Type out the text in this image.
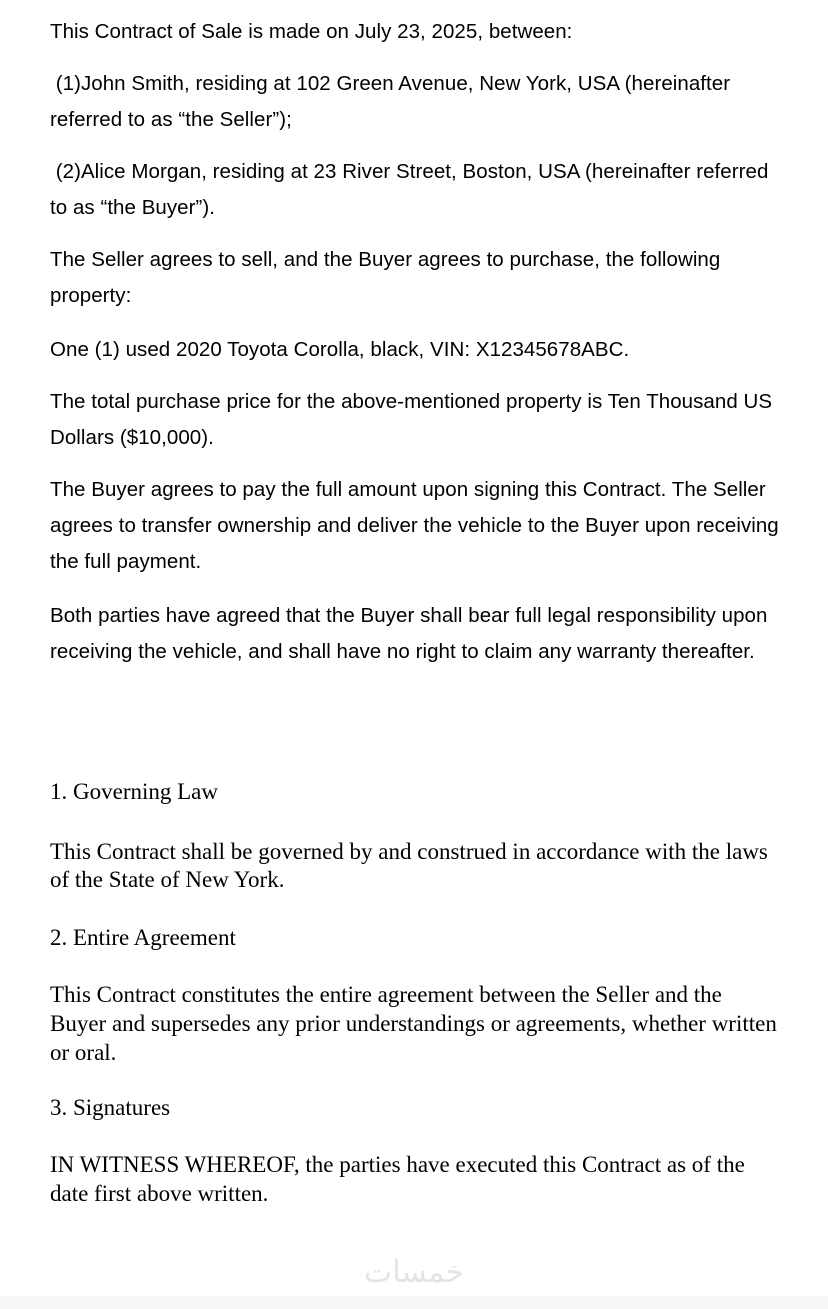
This Contract of Sale is made on July 23, 2025, between:

(1)John Smith, residing at 102 Green Avenue, New York, USA (hereinafter referred to as “the Seller”);

(2)Alice Morgan, residing at 23 River Street, Boston, USA (hereinafter referred to as “the Buyer”).

The Seller agrees to sell, and the Buyer agrees to purchase, the following property:

One (1) used 2020 Toyota Corolla, black, VIN: X12345678ABC.

The total purchase price for the above-mentioned property is Ten Thousand US Dollars ($10,000).

The Buyer agrees to pay the full amount upon signing this Contract. The Seller agrees to transfer ownership and deliver the vehicle to the Buyer upon receiving the full payment.

Both parties have agreed that the Buyer shall bear full legal responsibility upon receiving the vehicle, and shall have no right to claim any warranty thereafter.

1. Governing Law

This Contract shall be governed by and construed in accordance with the laws of the State of New York.

2. Entire Agreement

This Contract constitutes the entire agreement between the Seller and the Buyer and supersedes any prior understandings or agreements, whether written or oral.

3. Signatures

IN WITNESS WHEREOF, the parties have executed this Contract as of the date first above written.

خمسات
